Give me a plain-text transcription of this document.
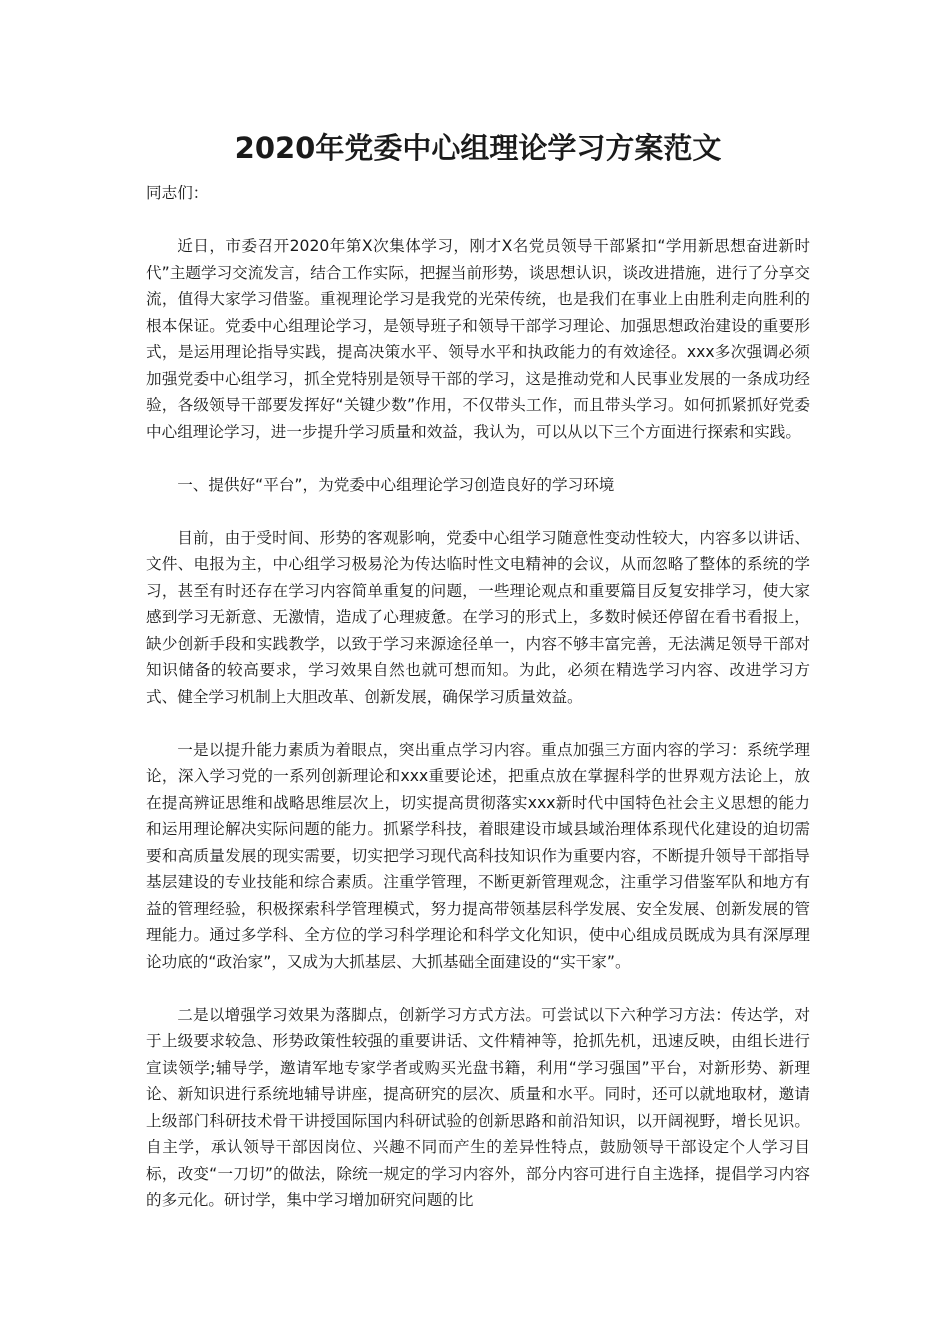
2020年党委中心组理论学习方案范文

同志们：

近日，市委召开2020年第X次集体学习，刚才X名党员领导干部紧扣“学用新思想奋进新时代”主题学习交流发言，结合工作实际，把握当前形势，谈思想认识，谈改进措施，进行了分享交流，值得大家学习借鉴。重视理论学习是我党的光荣传统，也是我们在事业上由胜利走向胜利的根本保证。党委中心组理论学习，是领导班子和领导干部学习理论、加强思想政治建设的重要形式，是运用理论指导实践，提高决策水平、领导水平和执政能力的有效途径。xxx多次强调必须加强党委中心组学习，抓全党特别是领导干部的学习，这是推动党和人民事业发展的一条成功经验，各级领导干部要发挥好“关键少数”作用，不仅带头工作，而且带头学习。如何抓紧抓好党委中心组理论学习，进一步提升学习质量和效益，我认为，可以从以下三个方面进行探索和实践。

一、提供好“平台”，为党委中心组理论学习创造良好的学习环境

目前，由于受时间、形势的客观影响，党委中心组学习随意性变动性较大，内容多以讲话、文件、电报为主，中心组学习极易沦为传达临时性文电精神的会议，从而忽略了整体的系统的学习，甚至有时还存在学习内容简单重复的问题，一些理论观点和重要篇目反复安排学习，使大家感到学习无新意、无激情，造成了心理疲惫。在学习的形式上，多数时候还停留在看书看报上，缺少创新手段和实践教学，以致于学习来源途径单一，内容不够丰富完善，无法满足领导干部对知识储备的较高要求，学习效果自然也就可想而知。为此，必须在精选学习内容、改进学习方式、健全学习机制上大胆改革、创新发展，确保学习质量效益。

一是以提升能力素质为着眼点，突出重点学习内容。重点加强三方面内容的学习：系统学理论，深入学习党的一系列创新理论和xxx重要论述，把重点放在掌握科学的世界观方法论上，放在提高辨证思维和战略思维层次上，切实提高贯彻落实xxx新时代中国特色社会主义思想的能力和运用理论解决实际问题的能力。抓紧学科技，着眼建设市域县域治理体系现代化建设的迫切需要和高质量发展的现实需要，切实把学习现代高科技知识作为重要内容，不断提升领导干部指导基层建设的专业技能和综合素质。注重学管理，不断更新管理观念，注重学习借鉴军队和地方有益的管理经验，积极探索科学管理模式，努力提高带领基层科学发展、安全发展、创新发展的管理能力。通过多学科、全方位的学习科学理论和科学文化知识，使中心组成员既成为具有深厚理论功底的“政治家”，又成为大抓基层、大抓基础全面建设的“实干家”。

二是以增强学习效果为落脚点，创新学习方式方法。可尝试以下六种学习方法：传达学，对于上级要求较急、形势政策性较强的重要讲话、文件精神等，抢抓先机，迅速反映，由组长进行宣读领学;辅导学，邀请军地专家学者或购买光盘书籍，利用“学习强国”平台，对新形势、新理论、新知识进行系统地辅导讲座，提高研究的层次、质量和水平。同时，还可以就地取材，邀请上级部门科研技术骨干讲授国际国内科研试验的创新思路和前沿知识，以开阔视野，增长见识。自主学，承认领导干部因岗位、兴趣不同而产生的差异性特点，鼓励领导干部设定个人学习目标，改变“一刀切”的做法，除统一规定的学习内容外，部分内容可进行自主选择，提倡学习内容的多元化。研讨学，集中学习增加研究问题的比
